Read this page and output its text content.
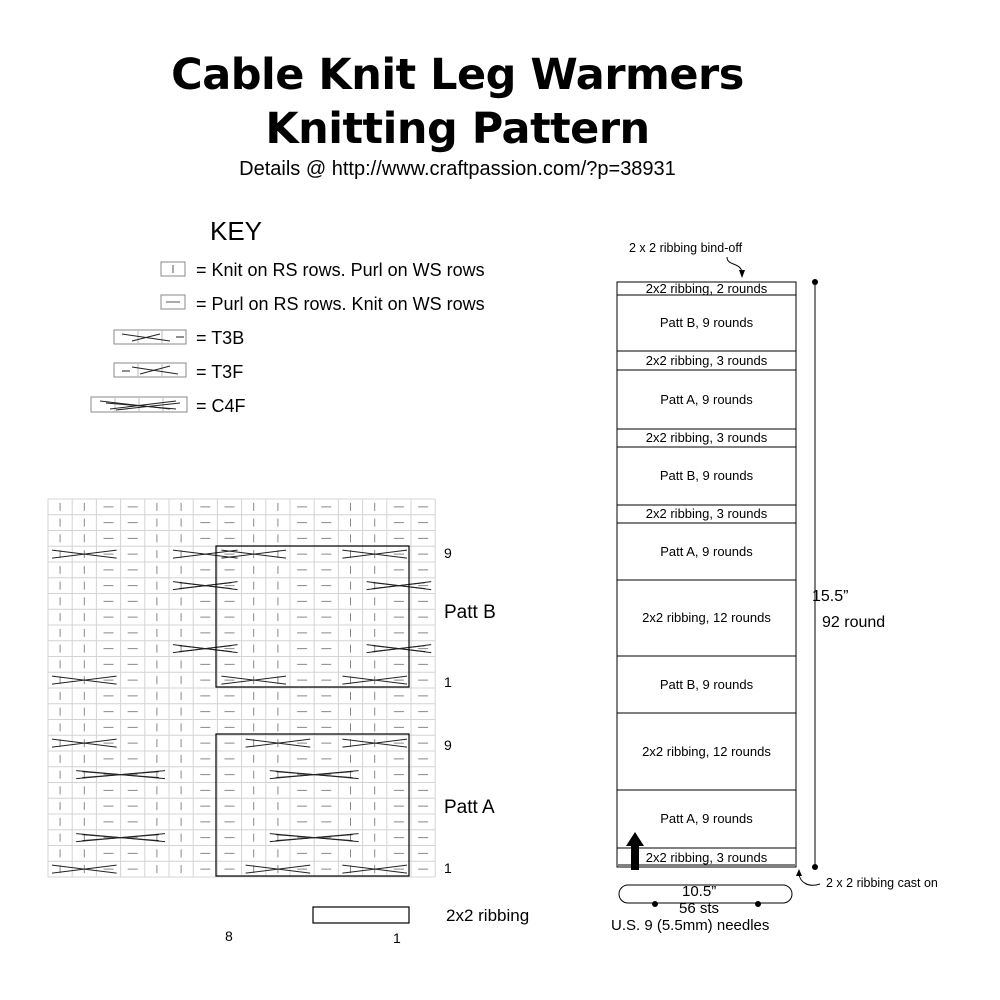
Cable Knit Leg Warmers
Knitting Pattern
Details @ http://www.craftpassion.com/?p=38931
KEY
= Knit on RS rows. Purl on WS rows
= Purl on RS rows. Knit on WS rows
= T3B
= T3F
= C4F
9
Patt B
1
9
Patt A
1
2x2 ribbing
8	1
2 x 2 ribbing bind-off
2 x 2 ribbing cast on
2x2 ribbing, 2 rounds
Patt B, 9 rounds
2x2 ribbing, 3 rounds
Patt A, 9 rounds
2x2 ribbing, 3 rounds
Patt B, 9 rounds
2x2 ribbing, 3 rounds
Patt A, 9 rounds
2x2 ribbing, 12 rounds
Patt B, 9 rounds
2x2 ribbing, 12 rounds
Patt A, 9 rounds
2x2 ribbing, 3 rounds
15.5”
92 round
10.5”
56 sts
U.S. 9 (5.5mm) needles
